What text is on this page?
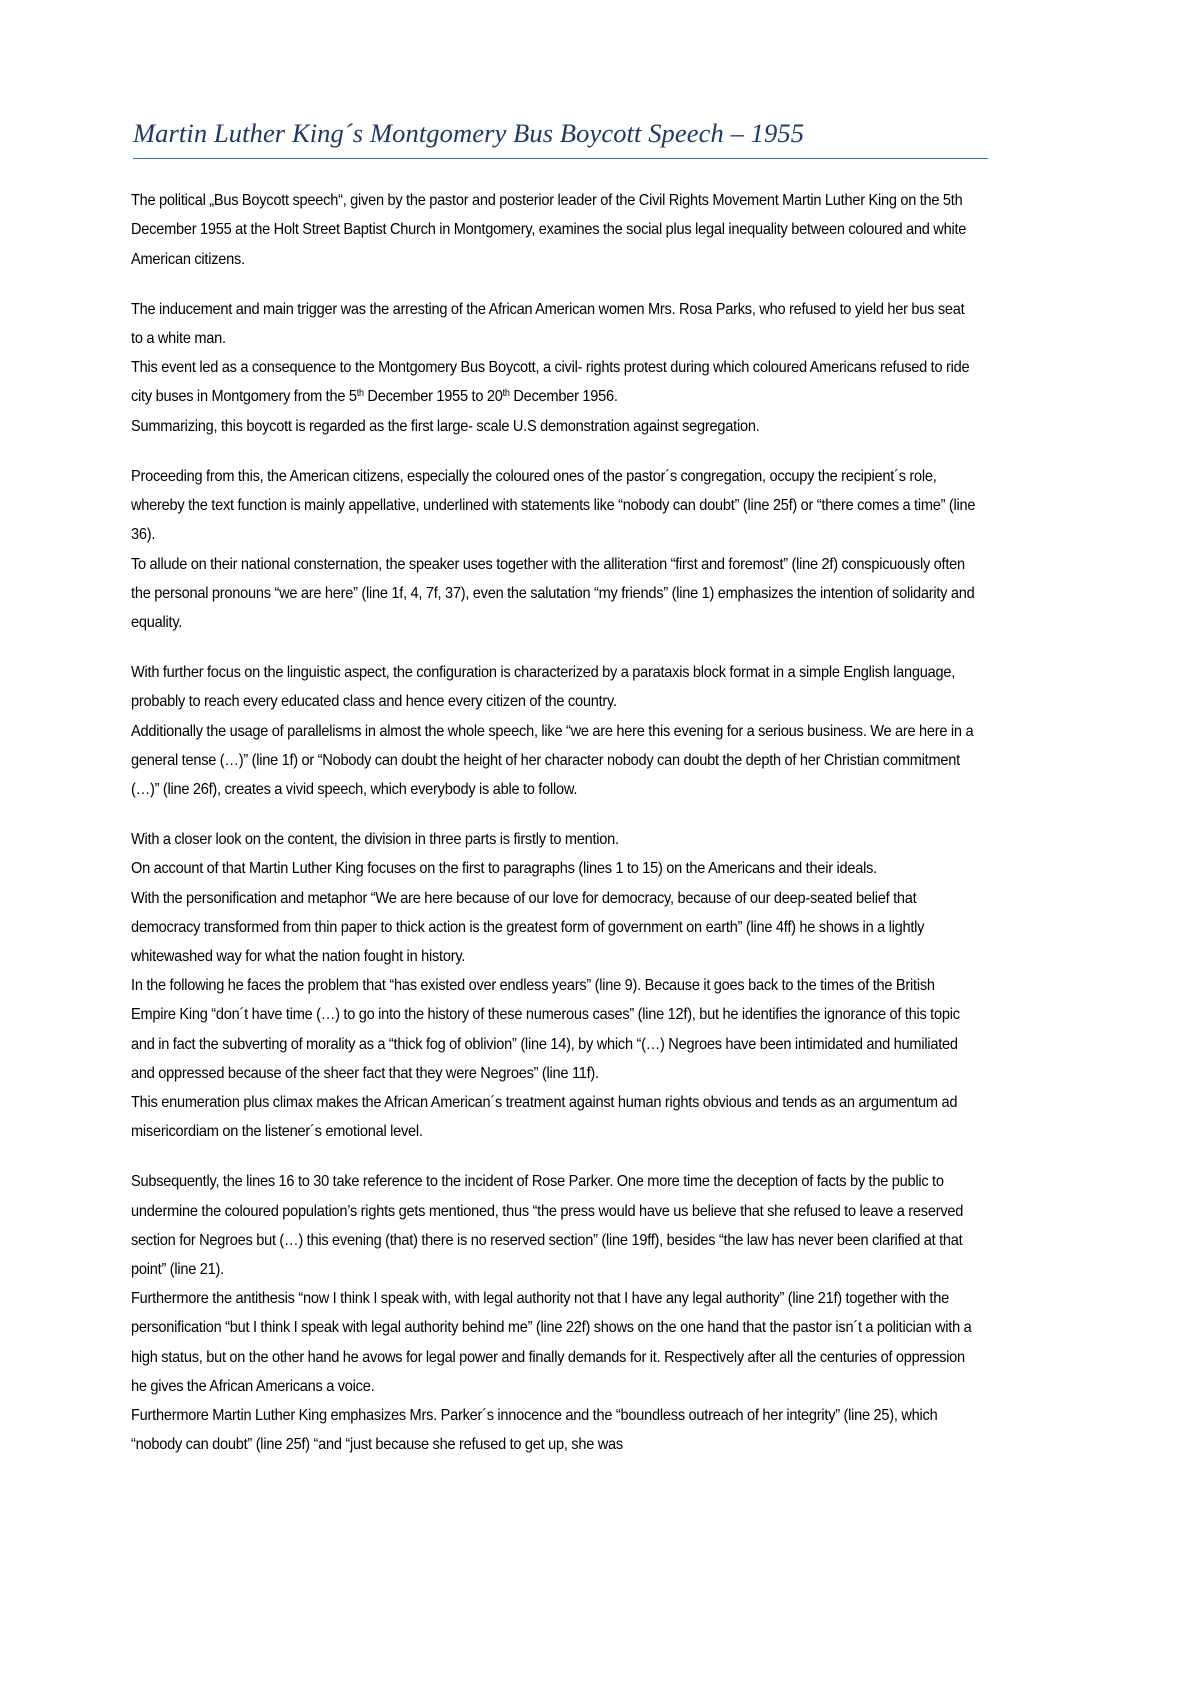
Martin Luther King´s Montgomery Bus Boycott Speech – 1955

The political „Bus Boycott speech“, given by the pastor and posterior leader of the Civil Rights Movement Martin Luther King on the 5th December 1955 at the Holt Street Baptist Church in Montgomery, examines the social plus legal inequality between coloured and white American citizens.

The inducement and main trigger was the arresting of the African American women Mrs. Rosa Parks, who refused to yield her bus seat to a white man.
This event led as a consequence to the Montgomery Bus Boycott, a civil- rights protest during which coloured Americans refused to ride city buses in Montgomery from the 5th December 1955 to 20th December 1956.
Summarizing, this boycott is regarded as the first large- scale U.S demonstration against segregation.

Proceeding from this, the American citizens, especially the coloured ones of the pastor´s congregation, occupy the recipient´s role, whereby the text function is mainly appellative, underlined with statements like “nobody can doubt” (line 25f) or “there comes a time” (line 36).
To allude on their national consternation, the speaker uses together with the alliteration “first and foremost” (line 2f) conspicuously often the personal pronouns “we are here” (line 1f, 4, 7f, 37), even the salutation “my friends” (line 1) emphasizes the intention of solidarity and equality.

With further focus on the linguistic aspect, the configuration is characterized by a parataxis block format in a simple English language, probably to reach every educated class and hence every citizen of the country.
Additionally the usage of parallelisms in almost the whole speech, like “we are here this evening for a serious business. We are here in a general tense (…)” (line 1f) or “Nobody can doubt the height of her character nobody can doubt the depth of her Christian commitment (…)” (line 26f), creates a vivid speech, which everybody is able to follow.

With a closer look on the content, the division in three parts is firstly to mention.
On account of that Martin Luther King focuses on the first to paragraphs (lines 1 to 15) on the Americans and their ideals.
With the personification and metaphor “We are here because of our love for democracy, because of our deep-seated belief that democracy transformed from thin paper to thick action is the greatest form of government on earth” (line 4ff) he shows in a lightly whitewashed way for what the nation fought in history.
In the following he faces the problem that “has existed over endless years” (line 9). Because it goes back to the times of the British Empire King “don´t have time (…) to go into the history of these numerous cases” (line 12f), but he identifies the ignorance of this topic and in fact the subverting of morality as a “thick fog of oblivion” (line 14), by which “(…) Negroes have been intimidated and humiliated and oppressed because of the sheer fact that they were Negroes” (line 11f).
This enumeration plus climax makes the African American´s treatment against human rights obvious and tends as an argumentum ad misericordiam on the listener´s emotional level.

Subsequently, the lines 16 to 30 take reference to the incident of Rose Parker. One more time the deception of facts by the public to undermine the coloured population’s rights gets mentioned, thus “the press would have us believe that she refused to leave a reserved section for Negroes but (…) this evening (that) there is no reserved section” (line 19ff), besides “the law has never been clarified at that point” (line 21).
Furthermore the antithesis “now I think I speak with, with legal authority not that I have any legal authority” (line 21f) together with the personification “but I think I speak with legal authority behind me” (line 22f) shows on the one hand that the pastor isn´t a politician with a high status, but on the other hand he avows for legal power and finally demands for it. Respectively after all the centuries of oppression he gives the African Americans a voice.
Furthermore Martin Luther King emphasizes Mrs. Parker´s innocence and the “boundless outreach of her integrity” (line 25), which “nobody can doubt” (line 25f) “and “just because she refused to get up, she was
